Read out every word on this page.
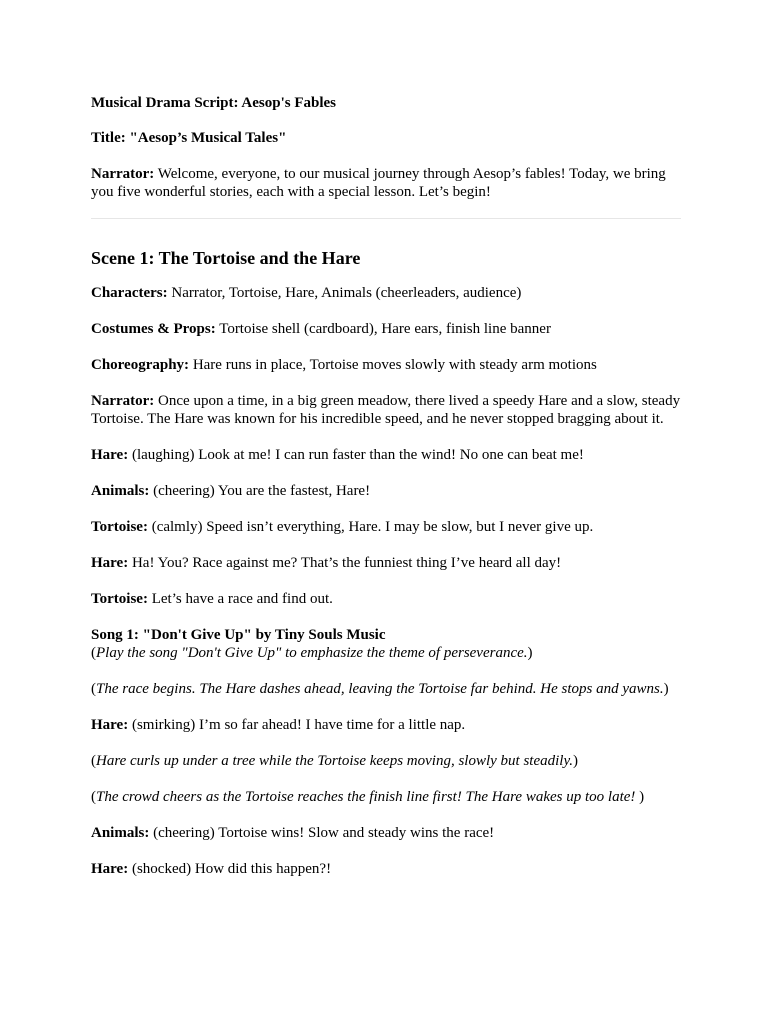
Musical Drama Script: Aesop's Fables

Title: "Aesop’s Musical Tales"

Narrator: Welcome, everyone, to our musical journey through Aesop’s fables! Today, we bring you five wonderful stories, each with a special lesson. Let’s begin!

Scene 1: The Tortoise and the Hare

Characters: Narrator, Tortoise, Hare, Animals (cheerleaders, audience)

Costumes & Props: Tortoise shell (cardboard), Hare ears, finish line banner

Choreography: Hare runs in place, Tortoise moves slowly with steady arm motions

Narrator: Once upon a time, in a big green meadow, there lived a speedy Hare and a slow, steady Tortoise. The Hare was known for his incredible speed, and he never stopped bragging about it.

Hare: (laughing) Look at me! I can run faster than the wind! No one can beat me!

Animals: (cheering) You are the fastest, Hare!

Tortoise: (calmly) Speed isn’t everything, Hare. I may be slow, but I never give up.

Hare: Ha! You? Race against me? That’s the funniest thing I’ve heard all day!

Tortoise: Let’s have a race and find out.

Song 1: "Don't Give Up" by Tiny Souls Music

(Play the song "Don't Give Up" to emphasize the theme of perseverance.)

(The race begins. The Hare dashes ahead, leaving the Tortoise far behind. He stops and yawns.)

Hare: (smirking) I’m so far ahead! I have time for a little nap.

(Hare curls up under a tree while the Tortoise keeps moving, slowly but steadily.)

(The crowd cheers as the Tortoise reaches the finish line first! The Hare wakes up too late! )

Animals: (cheering) Tortoise wins! Slow and steady wins the race!

Hare: (shocked) How did this happen?!
